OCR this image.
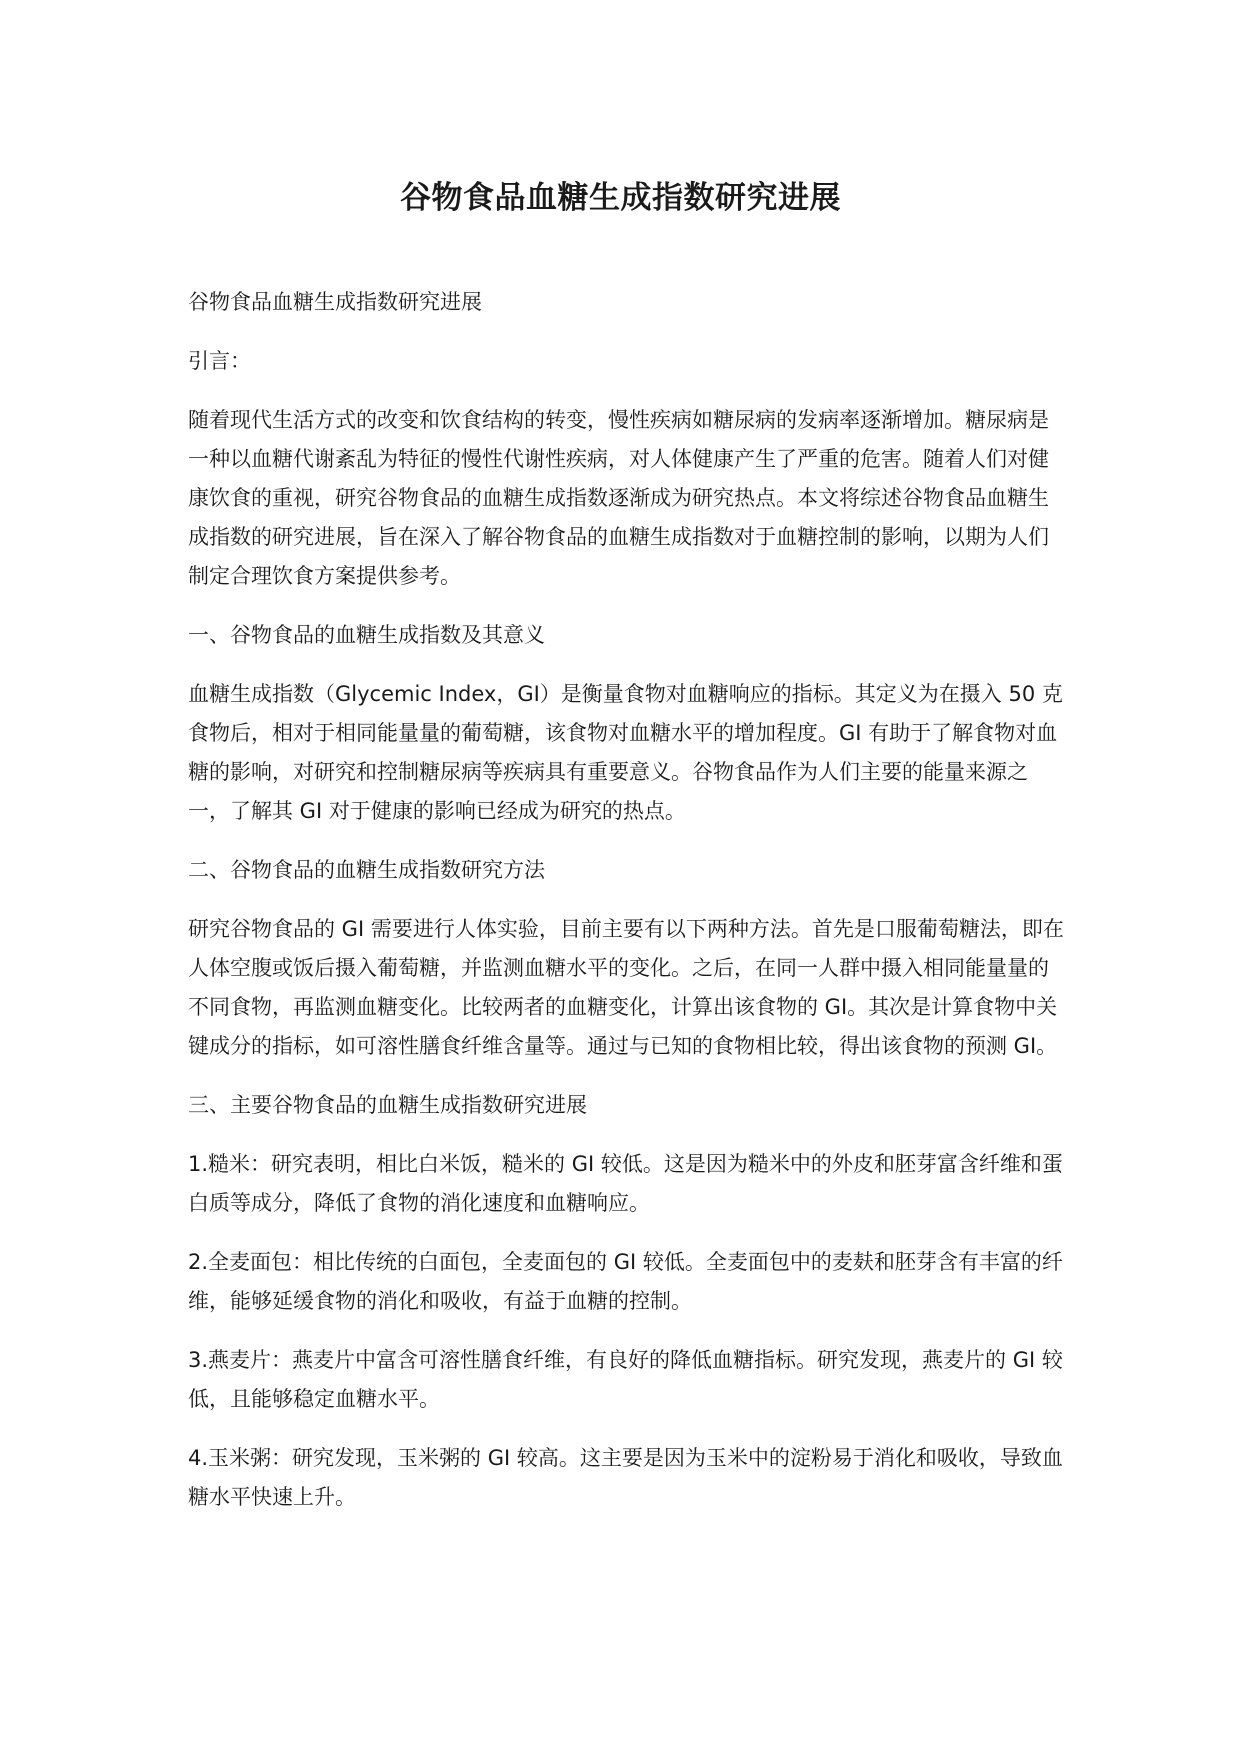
谷物食品血糖生成指数研究进展

谷物食品血糖生成指数研究进展

引言：

随着现代生活方式的改变和饮食结构的转变，慢性疾病如糖尿病的发病率逐渐增加。糖尿病是一种以血糖代谢紊乱为特征的慢性代谢性疾病，对人体健康产生了严重的危害。随着人们对健康饮食的重视，研究谷物食品的血糖生成指数逐渐成为研究热点。本文将综述谷物食品血糖生成指数的研究进展，旨在深入了解谷物食品的血糖生成指数对于血糖控制的影响，以期为人们制定合理饮食方案提供参考。

一、谷物食品的血糖生成指数及其意义

血糖生成指数（Glycemic Index，GI）是衡量食物对血糖响应的指标。其定义为在摄入 50 克食物后，相对于相同能量量的葡萄糖，该食物对血糖水平的增加程度。GI 有助于了解食物对血糖的影响，对研究和控制糖尿病等疾病具有重要意义。谷物食品作为人们主要的能量来源之一，了解其 GI 对于健康的影响已经成为研究的热点。

二、谷物食品的血糖生成指数研究方法

研究谷物食品的 GI 需要进行人体实验，目前主要有以下两种方法。首先是口服葡萄糖法，即在人体空腹或饭后摄入葡萄糖，并监测血糖水平的变化。之后，在同一人群中摄入相同能量量的不同食物，再监测血糖变化。比较两者的血糖变化，计算出该食物的 GI。其次是计算食物中关键成分的指标，如可溶性膳食纤维含量等。通过与已知的食物相比较，得出该食物的预测 GI。

三、主要谷物食品的血糖生成指数研究进展

1.糙米：研究表明，相比白米饭，糙米的 GI 较低。这是因为糙米中的外皮和胚芽富含纤维和蛋白质等成分，降低了食物的消化速度和血糖响应。

2.全麦面包：相比传统的白面包，全麦面包的 GI 较低。全麦面包中的麦麸和胚芽含有丰富的纤维，能够延缓食物的消化和吸收，有益于血糖的控制。

3.燕麦片：燕麦片中富含可溶性膳食纤维，有良好的降低血糖指标。研究发现，燕麦片的 GI 较低，且能够稳定血糖水平。

4.玉米粥：研究发现，玉米粥的 GI 较高。这主要是因为玉米中的淀粉易于消化和吸收，导致血糖水平快速上升。
